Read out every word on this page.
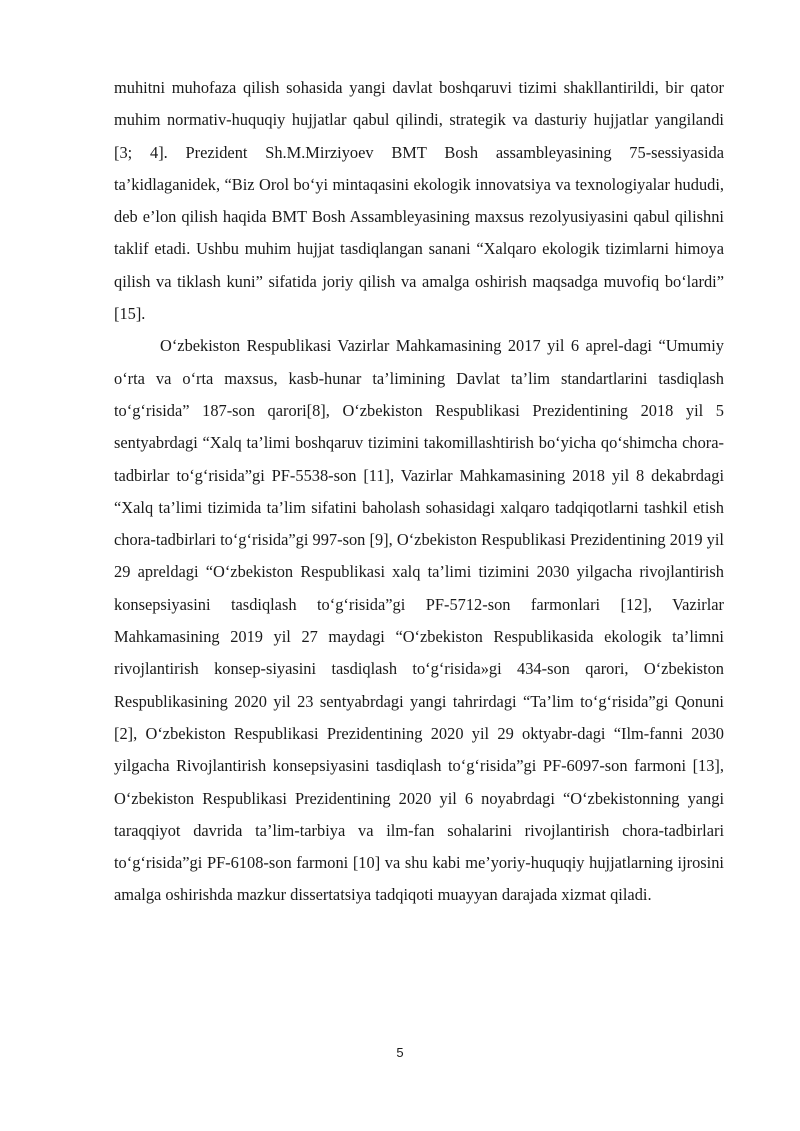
muhitni muhofaza qilish sohasida yangi davlat boshqaruvi tizimi shakllantirildi, bir qator muhim normativ-huquqiy hujjatlar qabul qilindi, strategik va dasturiy hujjatlar yangilandi [3; 4]. Prezident Sh.M.Mirziyoev BMT Bosh assambleyasining 75-sessiyasida ta’kidlaganidek, “Biz Orol bo‘yi mintaqasini ekologik innovatsiya va texnologiyalar hududi, deb e’lon qilish haqida BMT Bosh Assambleyasining maxsus rezolyusiyasini qabul qilishni taklif etadi. Ushbu muhim hujjat tasdiqlangan sanani “Xalqaro ekologik tizimlarni himoya qilish va tiklash kuni” sifatida joriy qilish va amalga oshirish maqsadga muvofiq bo‘lardi” [15].

O‘zbekiston Respublikasi Vazirlar Mahkamasining 2017 yil 6 aprel-dagi “Umumiy o‘rta va o‘rta maxsus, kasb-hunar ta’limining Davlat ta’lim standartlarini tasdiqlash to‘g‘risida” 187-son qarori[8], O‘zbekiston Respublikasi Prezidentining 2018 yil 5 sentyabrdagi “Xalq ta’limi boshqaruv tizimini takomillashtirish bo‘yicha qo‘shimcha chora-tadbirlar to‘g‘risida”gi PF-5538-son [11], Vazirlar Mahkamasining 2018 yil 8 dekabrdagi “Xalq ta’limi tizimida ta’lim sifatini baholash sohasidagi xalqaro tadqiqotlarni tashkil etish chora-tadbirlari to‘g‘risida”gi 997-son [9], O‘zbekiston Respublikasi Prezidentining 2019 yil 29 apreldagi “O‘zbekiston Respublikasi xalq ta’limi tizimini 2030 yilgacha rivojlantirish konsepsiyasini tasdiqlash to‘g‘risida”gi PF-5712-son farmonlari [12], Vazirlar Mahkamasining 2019 yil 27 maydagi “O‘zbekiston Respublikasida ekologik ta’limni rivojlantirish konsep-siyasini tasdiqlash to‘g‘risida»gi 434-son qarori, O‘zbekiston Respublikasining 2020 yil 23 sentyabrdagi yangi tahrirdagi “Ta’lim to‘g‘risida”gi Qonuni [2], O‘zbekiston Respublikasi Prezidentining 2020 yil 29 oktyabr-dagi “Ilm-fanni 2030 yilgacha Rivojlantirish konsepsiyasini tasdiqlash to‘g‘risida”gi PF-6097-son farmoni [13], O‘zbekiston Respublikasi Prezidentining 2020 yil 6 noyabrdagi “O‘zbekistonning yangi taraqqiyot davrida ta’lim-tarbiya va ilm-fan sohalarini rivojlantirish chora-tadbirlari to‘g‘risida”gi PF-6108-son farmoni [10] va shu kabi me’yoriy-huquqiy hujjatlarning ijrosini amalga oshirishda mazkur dissertatsiya tadqiqoti muayyan darajada xizmat qiladi.

5
